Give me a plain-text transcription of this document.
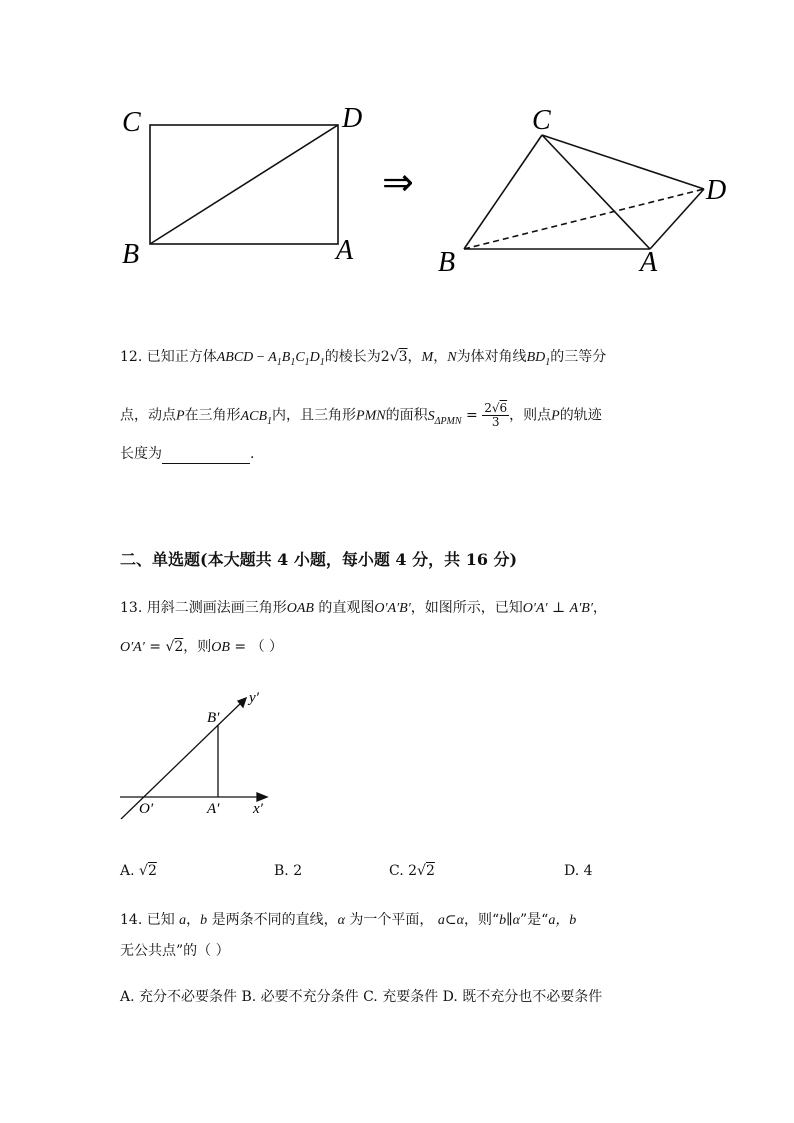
C	D
B	A
⇒
C
D
B	A
12. 已知正方体ABCD − $A_1B_1C_1D_1$的棱长为2√3，M，N为体对角线$BD_1$的三等分
点，动点P在三角形$ACB_1$内，且三角形PMN的面积$S_{\Delta PMN} = \frac{2√6}{3}$ ，则点P的轨迹
长度为	.
二、单选题(本大题共 4 小题，每小题 4 分，共 16 分)
13. 用斜二测画法画三角形OAB 的直观图O′A′B′，如图所示，已知O′A′ ⊥ A′B′，
O′A′ = √2，则OB = （ ）
y′
B′
O′	A′ x′
A. √2	B. 2	C. 2√2	D. 4
14. 已知 a，b 是两条不同的直线，α 为一个平面， a⊂α，则“b∥α”是“a，b
无公共点”的（ ）
A. 充分不必要条件 B. 必要不充分条件 C. 充要条件 D. 既不充分也不必要条件
